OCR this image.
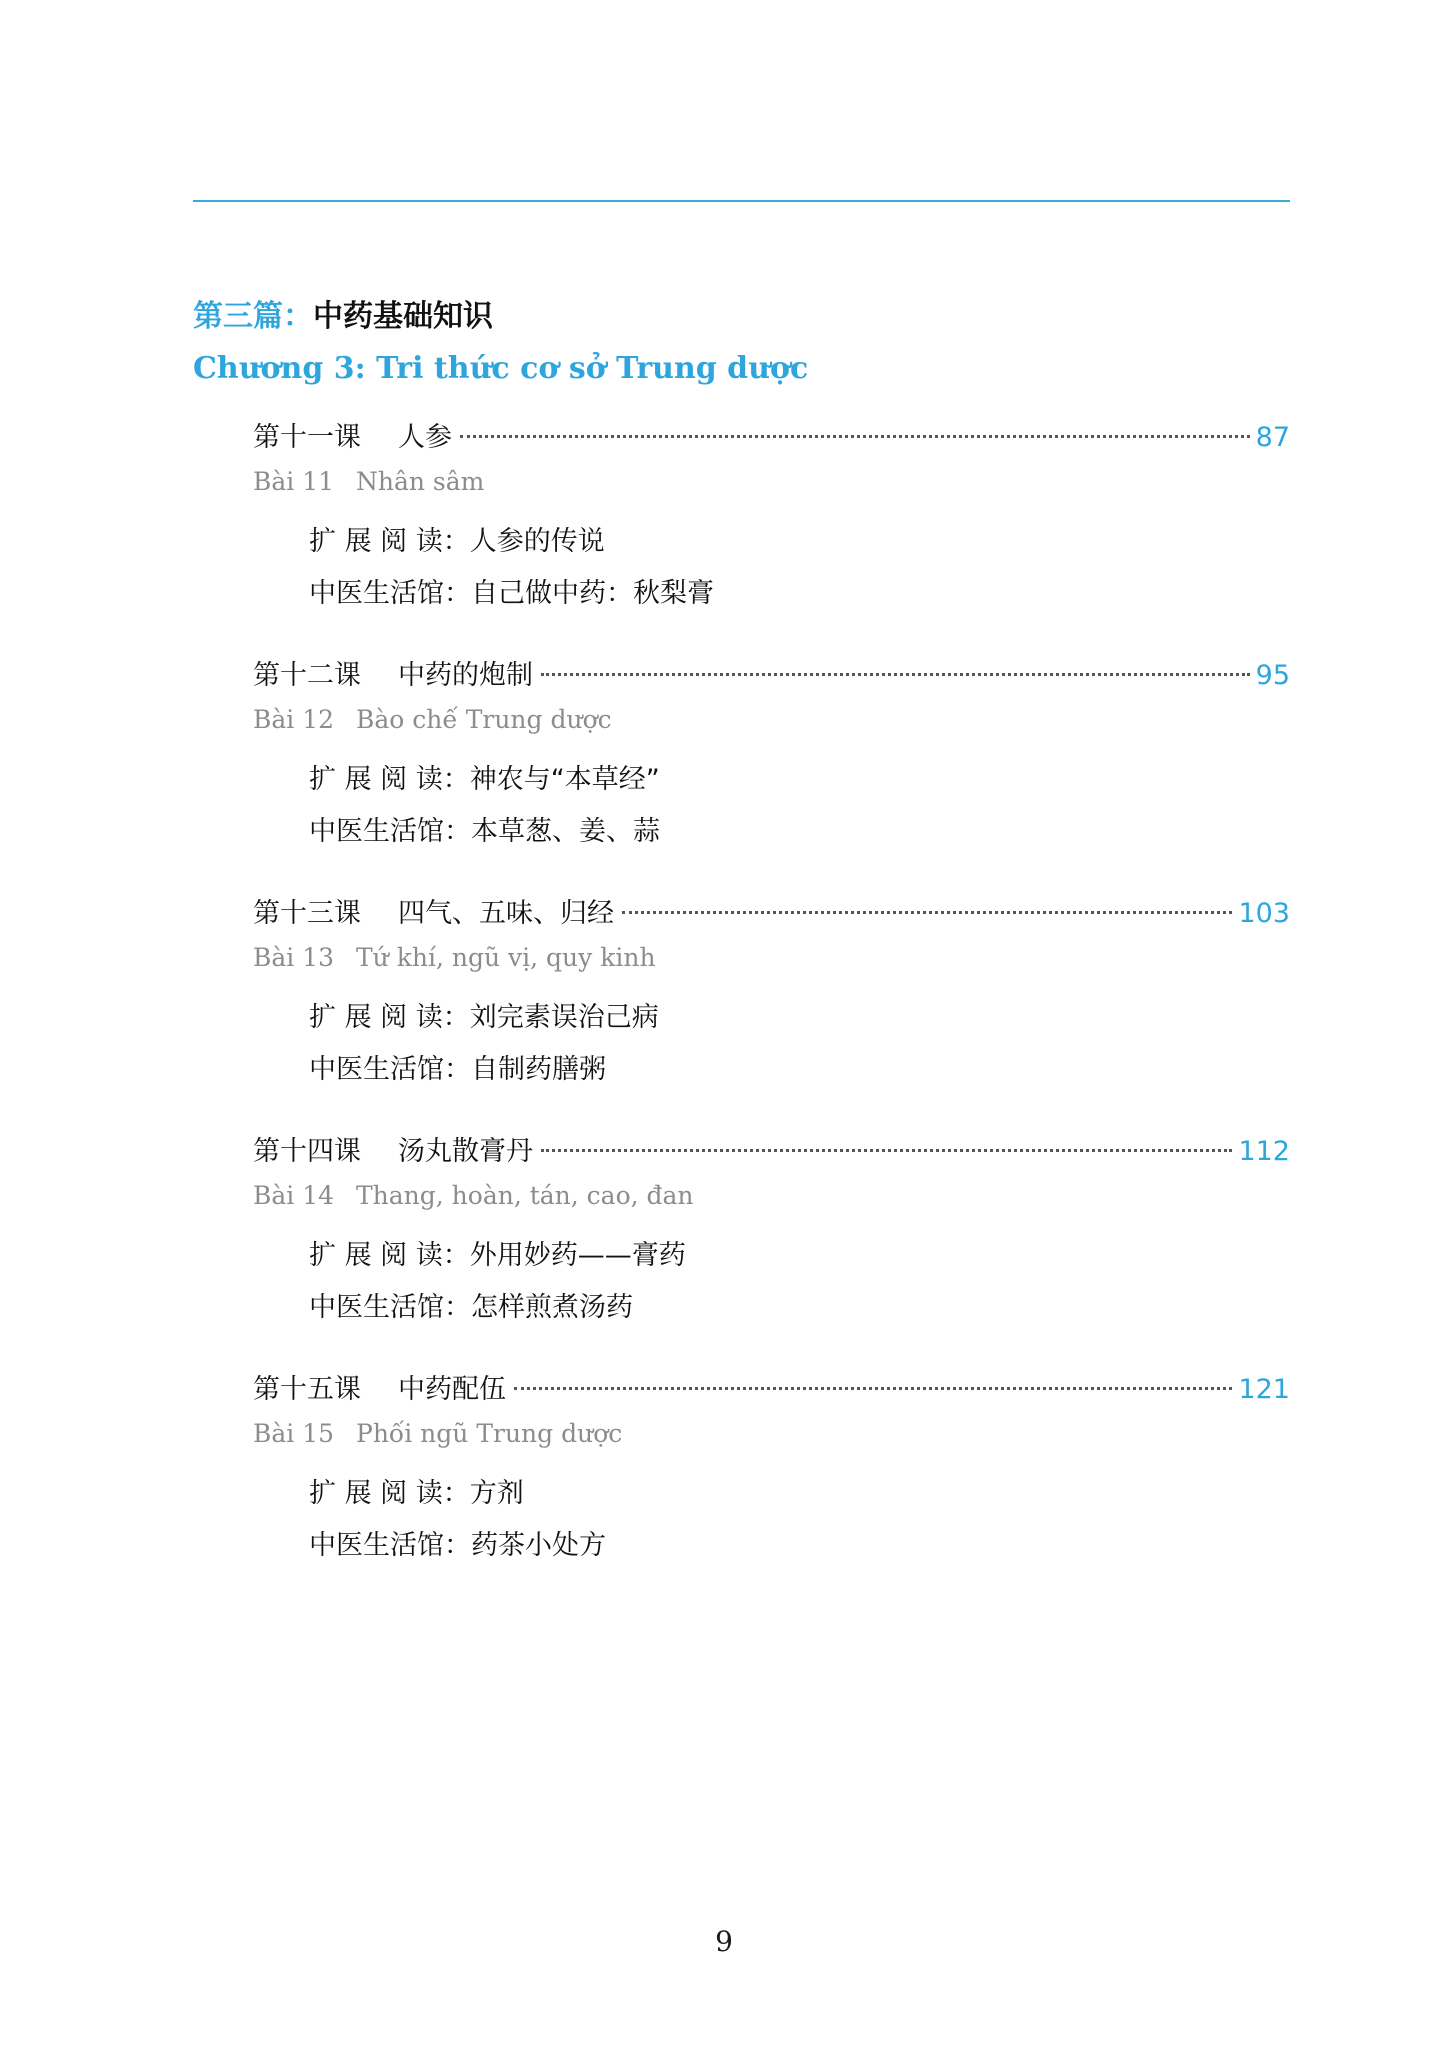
第三篇：中药基础知识
Chương 3: Tri thức cơ sở Trung dược
第十一课	人参	87
Bài 11 Nhân sâm
扩 展 阅 读：人参的传说
中医生活馆：自己做中药：秋梨膏
第十二课	中药的炮制	95
Bài 12 Bào chế Trung dược
扩 展 阅 读：神农与“本草经”
中医生活馆：本草葱、姜、蒜
第十三课	四气、五味、归经	103
Bài 13 Tứ khí, ngũ vị, quy kinh
扩 展 阅 读：刘完素误治己病
中医生活馆：自制药膳粥
第十四课	汤丸散膏丹	112
Bài 14 Thang, hoàn, tán, cao, đan
扩 展 阅 读：外用妙药——膏药
中医生活馆：怎样煎煮汤药
第十五课	中药配伍	121
Bài 15 Phối ngũ Trung dược
扩 展 阅 读：方剂
中医生活馆：药茶小处方
9
